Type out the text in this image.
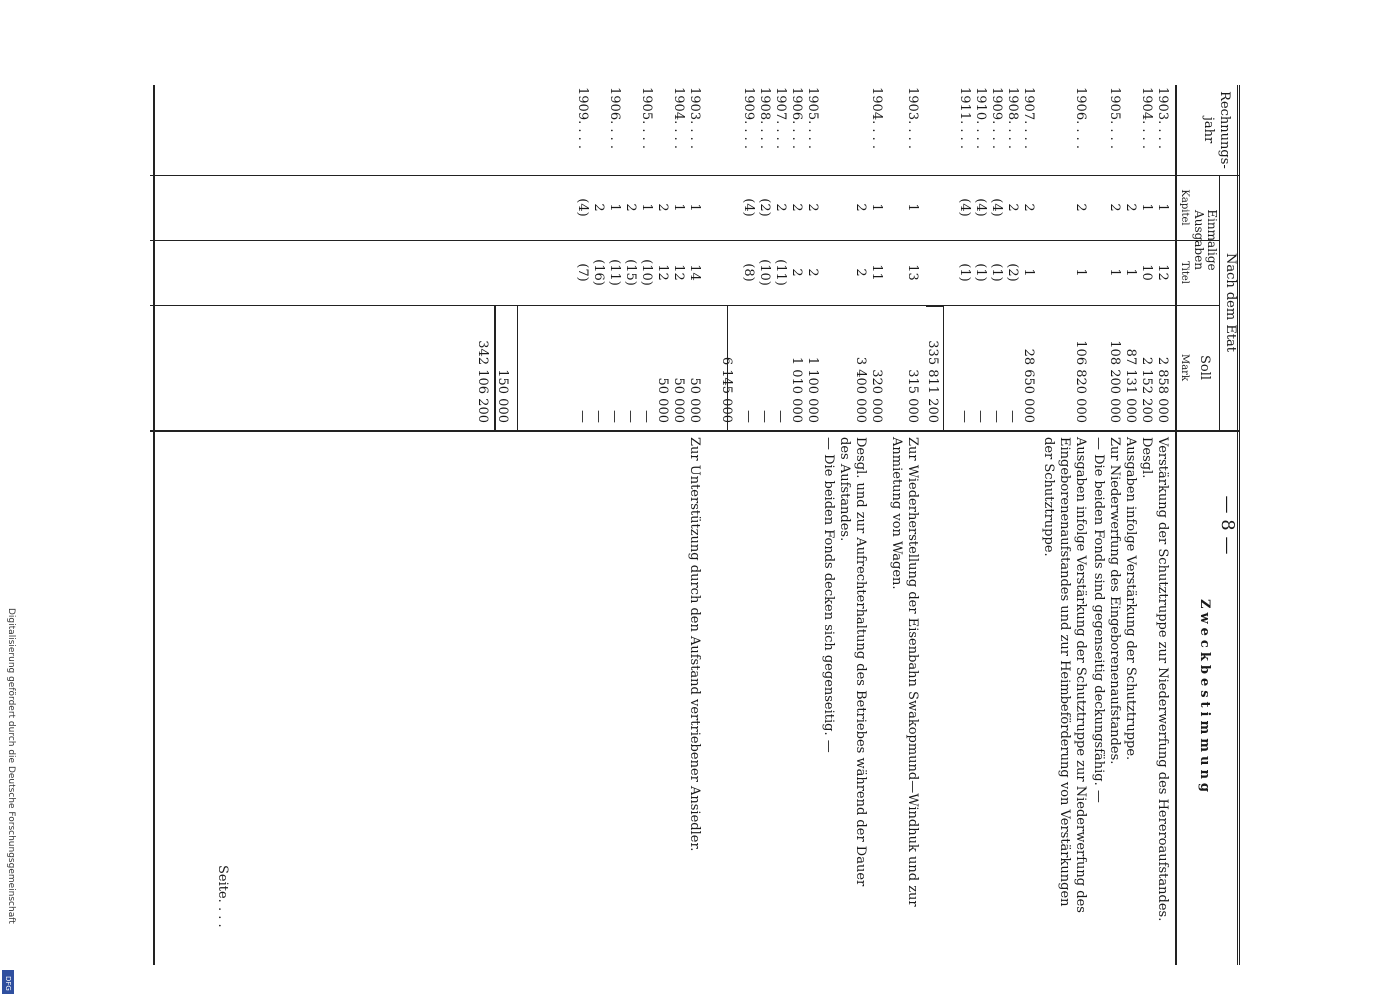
— 8 —
Rechnungs-
jahr
Nach dem Etat
Einmalige
Ausgaben
Kapitel
Titel
Soll
Mark
Zweckbestimmung
1903. . . .
1
12
2 858 000
Verstärkung der Schutztruppe zur Niederwerfung des Hereroaufstandes.
1904. . . .
1
10
2 152 200
Desgl.
2
1
87 131 000
Ausgaben infolge Verstärkung der Schutztruppe.
1905. . . .
2
1
108 200 000
Zur Niederwerfung des Eingeborenenaufstandes.
— Die beiden Fonds sind gegenseitig deckungsfähig. —
1906. . . .
2
1
106 820 000
Ausgaben infolge Verstärkung der Schutztruppe zur Niederwerfung des
Eingeborenenaufstandes und zur Heimbeförderung von Verstärkungen
der Schutztruppe.
1907. . . .
2
1
28 650 000
1908. . . .
2
(2)
—
1909. . . .
(4)
(1)
—
1910. . . .
(4)
(1)
—
1911. . . .
(4)
(1)
—
335 811 200
1903. . . .
1
13
315 000
Zur Wiederherstellung der Eisenbahn Swakopmund—Windhuk und zur
Anmietung von Wagen.
1904. . . .
1
11
320 000
2
2
3 400 000
Desgl. und zur Aufrechterhaltung des Betriebes während der Dauer
des Aufstandes.
— Die beiden Fonds decken sich gegenseitig. —
1905. . . .
2
2
1 100 000
1906. . . .
2
2
1 010 000
1907. . . .
2
(11)
—
1908. . . .
(2)
(10)
—
1909. . . .
(4)
(8)
—
6 145 000
1903. . . .
1
14
50 000
Zur Unterstützung durch den Aufstand vertriebener Ansiedler.
1904. . . .
1
12
50 000
2
12
50 000
1905. . . .
1
(10)
—
2
(15)
—
1906. . . .
1
(11)
—
2
(16)
—
1909. . . .
(4)
(7)
—
150 000
342 106 200
Seite. . . .
Digitalisierung gefördert durch die Deutsche Forschungsgemeinschaft
DFG
